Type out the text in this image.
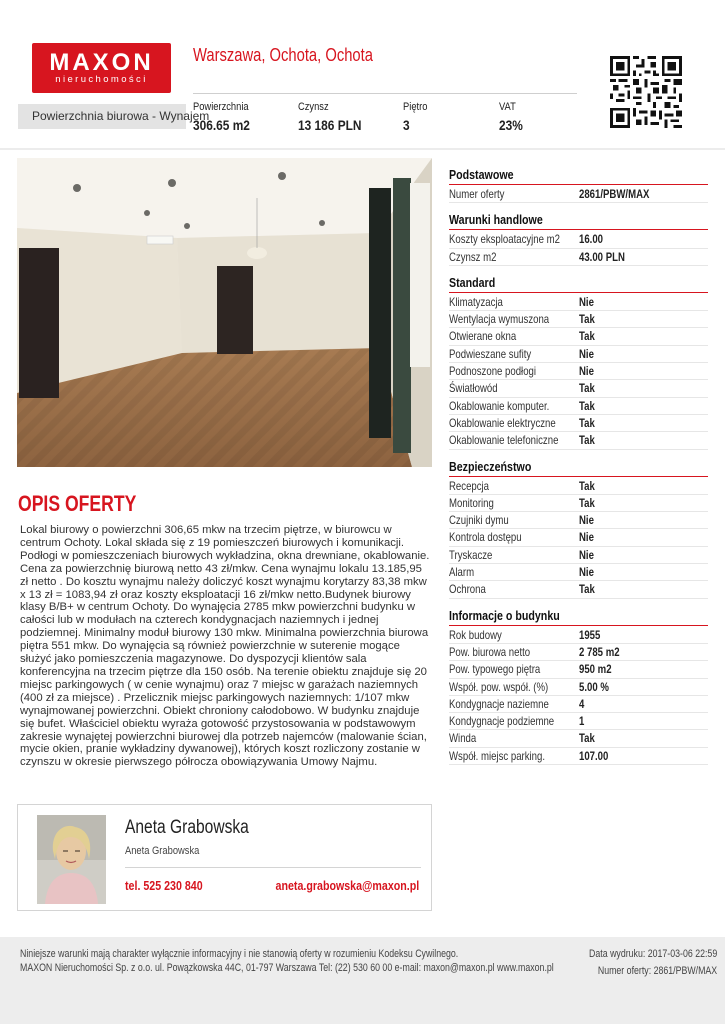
MAXON
nieruchomości
Warszawa, Ochota, Ochota
Powierzchnia biurowa - Wynajem
Powierzchnia
306.65 m2
Czynsz
13 186 PLN
Piętro
3
VAT
23%
OPIS OFERTY
Lokal biurowy o powierzchni 306,65 mkw na trzecim piętrze, w biurowcu w centrum Ochoty. Lokal składa się z 19 pomieszczeń biurowych i komunikacji. Podłogi w pomieszczeniach biurowych wykładzina, okna drewniane, okablowanie. Cena za powierzchnię biurową netto 43 zł/mkw. Cena wynajmu lokalu 13.185,95 zł netto . Do kosztu wynajmu należy doliczyć koszt wynajmu korytarzy 83,38 mkw x 13 zł = 1083,94 zł oraz koszty eksploatacji 16 zł/mkw netto.Budynek biurowy klasy B/B+ w centrum Ochoty. Do wynajęcia 2785 mkw powierzchni budynku w całości lub w modułach na czterech kondygnacjach naziemnych i jednej podziemnej. Minimalny moduł biurowy 130 mkw. Minimalna powierzchnia biurowa piętra 551 mkw. Do wynajęcia są również powierzchnie w suterenie mogące służyć jako pomieszczenia magazynowe. Do dyspozycji klientów sala konferencyjna na trzecim piętrze dla 150 osób. Na terenie obiektu znajduje się 20 miejsc parkingowych ( w cenie wynajmu) oraz 7 miejsc w garażach naziemnych (400 zł za miejsce) . Przelicznik miejsc parkingowych naziemnych: 1/107 mkw wynajmowanej powierzchni. Obiekt chroniony całodobowo. W budynku znajduje się bufet. Właściciel obiektu wyraża gotowość przystosowania w podstawowym zakresie wynajętej powierzchni biurowej dla potrzeb najemców (malowanie ścian, mycie okien, pranie wykładziny dywanowej), których koszt rozliczony zostanie w czynszu w okresie pierwszego półrocza obowiązywania Umowy Najmu.
Podstawowe
Numer oferty	2861/PBW/MAX
Warunki handlowe
Koszty eksploatacyjne m2 16.00
Czynsz m2	43.00 PLN
Standard
Klimatyzacja	Nie
Wentylacja wymuszona Tak
Otwierane okna	Tak
Podwieszane sufity	Nie
Podnoszone podłogi	Nie
Światłowód	Tak
Okablowanie komputer. Tak
Okablowanie elektryczne Tak
Okablowanie telefoniczne Tak
Bezpieczeństwo
Recepcja	Tak
Monitoring	Tak
Czujniki dymu	Nie
Kontrola dostępu	Nie
Tryskacze	Nie
Alarm	Nie
Ochrona	Tak
Informacje o budynku
Rok budowy	1955
Pow. biurowa netto	2 785 m2
Pow. typowego piętra	950 m2
Współ. pow. współ. (%)	5.00 %
Kondygnacje naziemne	4
Kondygnacje podziemne 1
Winda	Tak
Współ. miejsc parking.	107.00
Aneta Grabowska
Aneta Grabowska
tel. 525 230 840	aneta.grabowska@maxon.pl
Niniejsze warunki mają charakter wyłącznie informacyjny i nie stanowią oferty w rozumieniu Kodeksu Cywilnego.
MAXON Nieruchomości Sp. z o.o. ul. Powązkowska 44C, 01-797 Warszawa Tel: (22) 530 60 00 e-mail: maxon@maxon.pl www.maxon.pl
Data wydruku: 2017-03-06 22:59
Numer oferty: 2861/PBW/MAX
